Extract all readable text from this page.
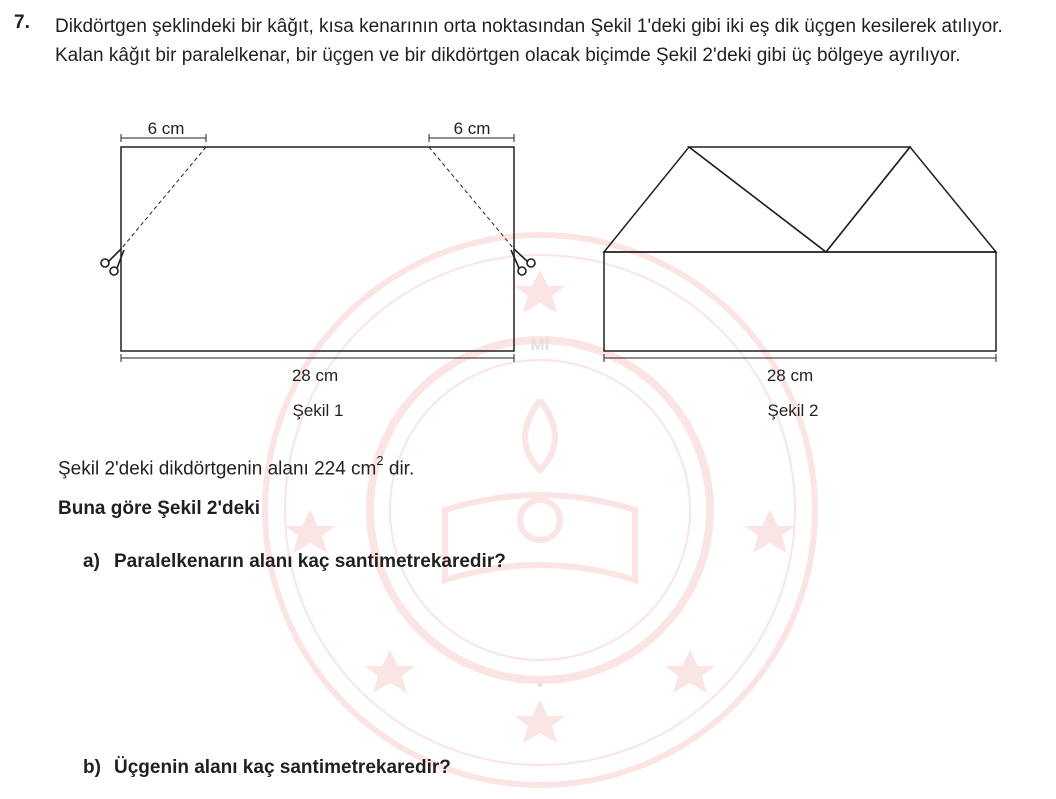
Mİ
•
7. Dikdörtgen şeklindeki bir kâğıt, kısa kenarının orta noktasından Şekil 1'deki gibi iki eş dik üçgen kesilerek atılıyor. Kalan kâğıt bir paralelkenar, bir üçgen ve bir dikdörtgen olacak biçimde Şekil 2'deki gibi üç bölgeye ayrılıyor.
6 cm	6 cm
28 cm
Şekil 1
28 cm
Şekil 2
Şekil 2'deki dikdörtgenin alanı 224 $cm^2$ dir.
Buna göre Şekil 2'deki
a) Paralelkenarın alanı kaç santimetrekaredir?
b) Üçgenin alanı kaç santimetrekaredir?
